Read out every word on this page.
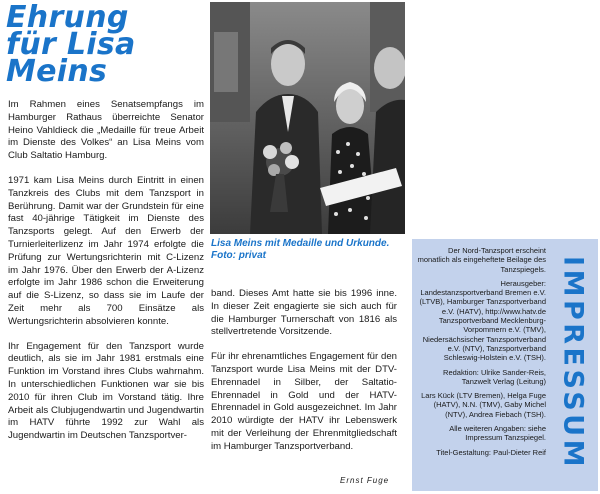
Ehrung
für Lisa
Meins

Im Rahmen eines Senatsempfangs im Hamburger Rathaus überreichte Senator Heino Vahldieck die „Medaille für treue Arbeit im Dienste des Volkes“ an Lisa Meins vom Club Saltatio Hamburg.

1971 kam Lisa Meins durch Eintritt in einen Tanzkreis des Clubs mit dem Tanzsport in Berührung. Damit war der Grundstein für eine fast 40-jährige Tätigkeit im Dienste des Tanzsports gelegt. Auf den Erwerb der Turnierleiterlizenz im Jahr 1974 erfolgte die Prüfung zur Wertungsrichterin mit C-Lizenz im Jahr 1976. Über den Erwerb der A-Lizenz erfolgte im Jahr 1986 schon die Erweiterung auf die S-Lizenz, so dass sie im Laufe der Zeit mehr als 700 Einsätze als Wertungsrichterin absolvieren konnte.

Ihr Engagement für den Tanzsport wurde deutlich, als sie im Jahr 1981 erstmals eine Funktion im Vorstand ihres Clubs wahrnahm. In unterschiedlichen Funktionen war sie bis 2010 für ihren Club im Vorstand tätig. Ihre Arbeit als Clubjugendwartin und Jugendwartin im HATV führte 1992 zur Wahl als Jugendwartin im Deutschen Tanzsportver-

Lisa Meins mit Medaille und Urkunde. Foto: privat

band. Dieses Amt hatte sie bis 1996 inne. In dieser Zeit engagierte sie sich auch für die Hamburger Turnerschaft von 1816 als stellvertretende Vorsitzende.

Für ihr ehrenamtliches Engagement für den Tanzsport wurde Lisa Meins mit der DTV-Ehrennadel in Silber, der Saltatio-Ehrennadel in Gold und der HATV-Ehrennadel in Gold ausgezeichnet. Im Jahr 2010 würdigte der HATV ihr Lebenswerk mit der Verleihung der Ehrenmitgliedschaft im Hamburger Tanzsportverband.

Ernst Fuge

Der Nord-Tanzsport erscheint monatlich als eingeheftete Beilage des Tanzspiegels.

Herausgeber: Landestanzsportverband Bremen e.V. (LTVB), Hamburger Tanzsportverband e.V. (HATV), http://www.hatv.de Tanzsportverband Mecklenburg-Vorpommern e.V. (TMV), Niedersächsischer Tanzsportverband e.V. (NTV), Tanzsportverband Schleswig-Holstein e.V. (TSH).

Redaktion: Ulrike Sander-Reis, Tanzwelt Verlag (Leitung)

Lars Kück (LTV Bremen), Helga Fuge (HATV), N.N. (TMV), Gaby Michel (NTV), Andrea Fiebach (TSH).

Alle weiteren Angaben: siehe Impressum Tanzspiegel.

Titel-Gestaltung: Paul-Dieter Reif IMPRESSUM
